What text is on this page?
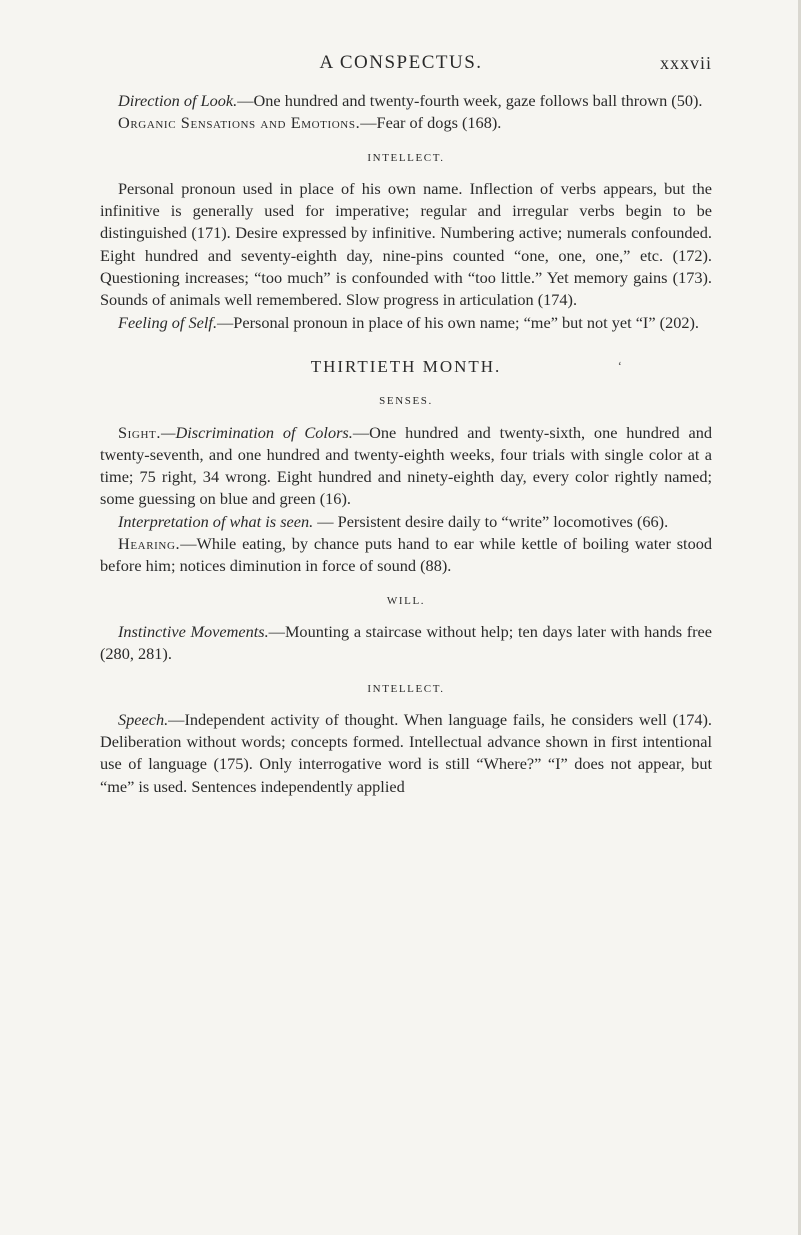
A CONSPECTUS.	xxxvii

Direction of Look.—One hundred and twenty-fourth week, gaze follows ball thrown (50).

Organic Sensations and Emotions.—Fear of dogs (168).

INTELLECT.

Personal pronoun used in place of his own name. Inflection of verbs appears, but the infinitive is generally used for imperative; regular and irregular verbs begin to be distinguished (171). Desire expressed by infinitive. Numbering active; numerals confounded. Eight hundred and seventy-eighth day, nine-pins counted “one, one, one,” etc. (172). Questioning increases; “too much” is confounded with “too little.” Yet memory gains (173). Sounds of animals well remembered. Slow progress in articulation (174).

Feeling of Self.—Personal pronoun in place of his own name; “me” but not yet “I” (202).

THIRTIETH MONTH.	‘
SENSES.

Sight.—Discrimination of Colors.—One hundred and twenty-sixth, one hundred and twenty-seventh, and one hundred and twenty-eighth weeks, four trials with single color at a time; 75 right, 34 wrong. Eight hundred and ninety-eighth day, every color rightly named; some guessing on blue and green (16).

Interpretation of what is seen. — Persistent desire daily to “write” locomotives (66).

Hearing.—While eating, by chance puts hand to ear while kettle of boiling water stood before him; notices diminution in force of sound (88).

WILL.

Instinctive Movements.—Mounting a staircase without help; ten days later with hands free (280, 281).

INTELLECT.

Speech.—Independent activity of thought. When language fails, he considers well (174). Deliberation without words; concepts formed. Intellectual advance shown in first intentional use of language (175). Only interrogative word is still “Where?” “I” does not appear, but “me” is used. Sentences independently applied
